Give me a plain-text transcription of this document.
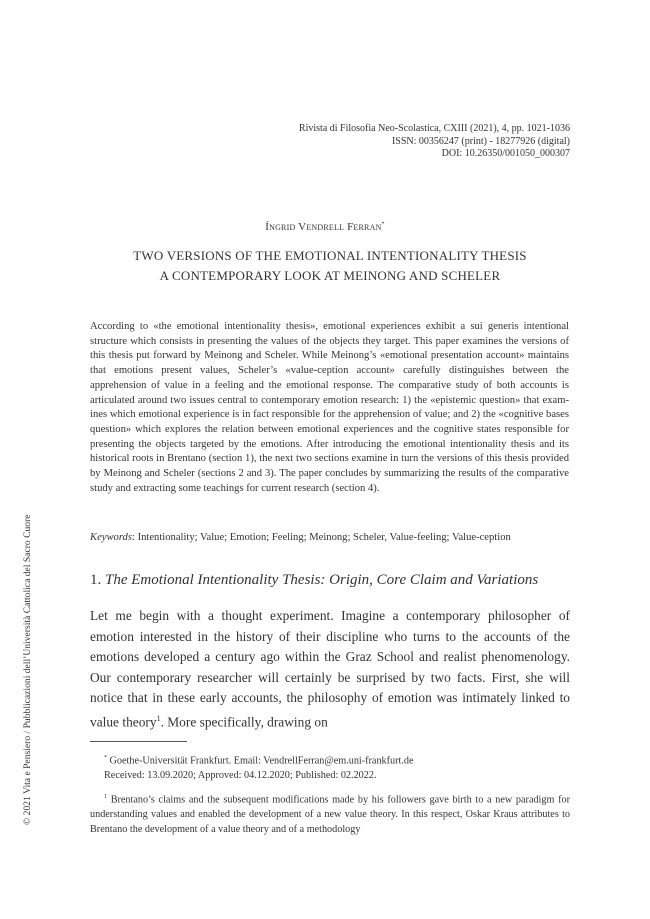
Rivista di Filosofia Neo-Scolastica, CXIII (2021), 4, pp. 1021-1036
ISSN: 00356247 (print) - 18277926 (digital)
DOI: 10.26350/001050_000307
Íngrid Vendrell Ferran*
TWO VERSIONS OF THE EMOTIONAL INTENTIONALITY THESIS
A CONTEMPORARY LOOK AT MEINONG AND SCHELER

According to «the emotional intentionality thesis», emotional experiences exhibit a sui generis intentional structure which consists in presenting the values of the objects they target. This paper examines the versions of this thesis put forward by Meinong and Scheler. While Meinong’s «emotional presentation account» maintains that emotions present values, Scheler’s «value-ception account» carefully distinguishes between the apprehension of value in a feeling and the emotional response. The comparative study of both accounts is articulated around two issues central to contemporary emotion research: 1) the «epistemic question» that examines which emotional experience is in fact responsible for the apprehension of value; and 2) the «cognitive bases question» which explores the relation between emotional experiences and the cognitive states responsible for presenting the objects targeted by the emotions. After introducing the emotional intentionality thesis and its historical roots in Brentano (section 1), the next two sections examine in turn the versions of this thesis provided by Meinong and Scheler (sections 2 and 3). The paper concludes by summarizing the results of the comparative study and extracting some teachings for current research (section 4).

Keywords: Intentionality; Value; Emotion; Feeling; Meinong; Scheler, Value-feeling; Value-ception
1. The Emotional Intentionality Thesis: Origin, Core Claim and Variations

Let me begin with a thought experiment. Imagine a contemporary philosopher of emotion interested in the history of their discipline who turns to the accounts of the emotions developed a century ago within the Graz School and realist phenomenology. Our contemporary researcher will certainly be surprised by two facts. First, she will notice that in these early accounts, the philosophy of emotion was intimately linked to value theory$^1$. More specifically, drawing on

* Goethe-Universität Frankfurt. Email: VendrellFerran@em.uni-frankfurt.de

Received: 13.09.2020; Approved: 04.12.2020; Published: 02.2022.

$^1$ Brentano’s claims and the subsequent modifications made by his followers gave birth to a new paradigm for understanding values and enabled the development of a new value theory. In this respect, Oskar Kraus attributes to Brentano the development of a value theory and of a methodology

© 2021 Vita e Pensiero / Pubblicazioni dell’Università Cattolica del Sacro Cuore
